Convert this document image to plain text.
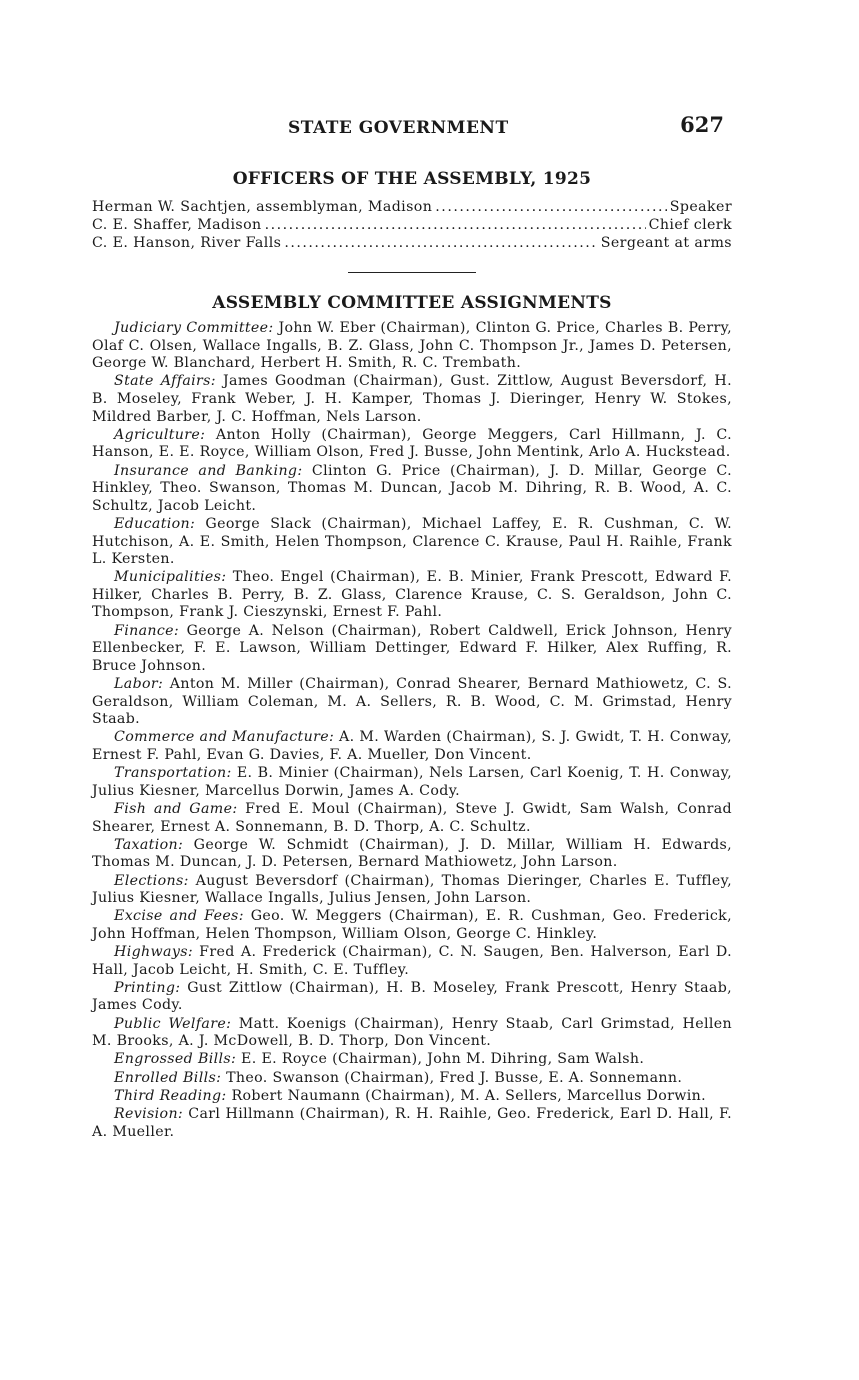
STATE GOVERNMENT	627
OFFICERS OF THE ASSEMBLY, 1925
Herman W. Sachtjen, assemblyman, Madison . . .	Speaker
C. E. Shaffer, Madison . . .	Chief clerk
C. E. Hanson, River Falls . . .	Sergeant at arms
ASSEMBLY COMMITTEE ASSIGNMENTS

Judiciary Committee: John W. Eber (Chairman), Clinton G. Price, Charles B. Perry, Olaf C. Olsen, Wallace Ingalls, B. Z. Glass, John C. Thompson Jr., James D. Petersen, George W. Blanchard, Herbert H. Smith, R. C. Trembath.

State Affairs: James Goodman (Chairman), Gust. Zittlow, August Beversdorf, H. B. Moseley, Frank Weber, J. H. Kamper, Thomas J. Dieringer, Henry W. Stokes, Mildred Barber, J. C. Hoffman, Nels Larson.

Agriculture: Anton Holly (Chairman), George Meggers, Carl Hillmann, J. C. Hanson, E. E. Royce, William Olson, Fred J. Busse, John Mentink, Arlo A. Huckstead.

Insurance and Banking: Clinton G. Price (Chairman), J. D. Millar, George C. Hinkley, Theo. Swanson, Thomas M. Duncan, Jacob M. Dihring, R. B. Wood, A. C. Schultz, Jacob Leicht.

Education: George Slack (Chairman), Michael Laffey, E. R. Cushman, C. W. Hutchison, A. E. Smith, Helen Thompson, Clarence C. Krause, Paul H. Raihle, Frank L. Kersten.

Municipalities: Theo. Engel (Chairman), E. B. Minier, Frank Prescott, Edward F. Hilker, Charles B. Perry, B. Z. Glass, Clarence Krause, C. S. Geraldson, John C. Thompson, Frank J. Cieszynski, Ernest F. Pahl.

Finance: George A. Nelson (Chairman), Robert Caldwell, Erick Johnson, Henry Ellenbecker, F. E. Lawson, William Dettinger, Edward F. Hilker, Alex Ruffing, R. Bruce Johnson.

Labor: Anton M. Miller (Chairman), Conrad Shearer, Bernard Mathiowetz, C. S. Geraldson, William Coleman, M. A. Sellers, R. B. Wood, C. M. Grimstad, Henry Staab.

Commerce and Manufacture: A. M. Warden (Chairman), S. J. Gwidt, T. H. Conway, Ernest F. Pahl, Evan G. Davies, F. A. Mueller, Don Vincent.

Transportation: E. B. Minier (Chairman), Nels Larsen, Carl Koenig, T. H. Conway, Julius Kiesner, Marcellus Dorwin, James A. Cody.

Fish and Game: Fred E. Moul (Chairman), Steve J. Gwidt, Sam Walsh, Conrad Shearer, Ernest A. Sonnemann, B. D. Thorp, A. C. Schultz.

Taxation: George W. Schmidt (Chairman), J. D. Millar, William H. Edwards, Thomas M. Duncan, J. D. Petersen, Bernard Mathiowetz, John Larson.

Elections: August Beversdorf (Chairman), Thomas Dieringer, Charles E. Tuffley, Julius Kiesner, Wallace Ingalls, Julius Jensen, John Larson.

Excise and Fees: Geo. W. Meggers (Chairman), E. R. Cushman, Geo. Frederick, John Hoffman, Helen Thompson, William Olson, George C. Hinkley.

Highways: Fred A. Frederick (Chairman), C. N. Saugen, Ben. Halverson, Earl D. Hall, Jacob Leicht, H. Smith, C. E. Tuffley.

Printing: Gust Zittlow (Chairman), H. B. Moseley, Frank Prescott, Henry Staab, James Cody.

Public Welfare: Matt. Koenigs (Chairman), Henry Staab, Carl Grimstad, Hellen M. Brooks, A. J. McDowell, B. D. Thorp, Don Vincent.

Engrossed Bills: E. E. Royce (Chairman), John M. Dihring, Sam Walsh.

Enrolled Bills: Theo. Swanson (Chairman), Fred J. Busse, E. A. Sonnemann.

Third Reading: Robert Naumann (Chairman), M. A. Sellers, Marcellus Dorwin.

Revision: Carl Hillmann (Chairman), R. H. Raihle, Geo. Frederick, Earl D. Hall, F. A. Mueller.
